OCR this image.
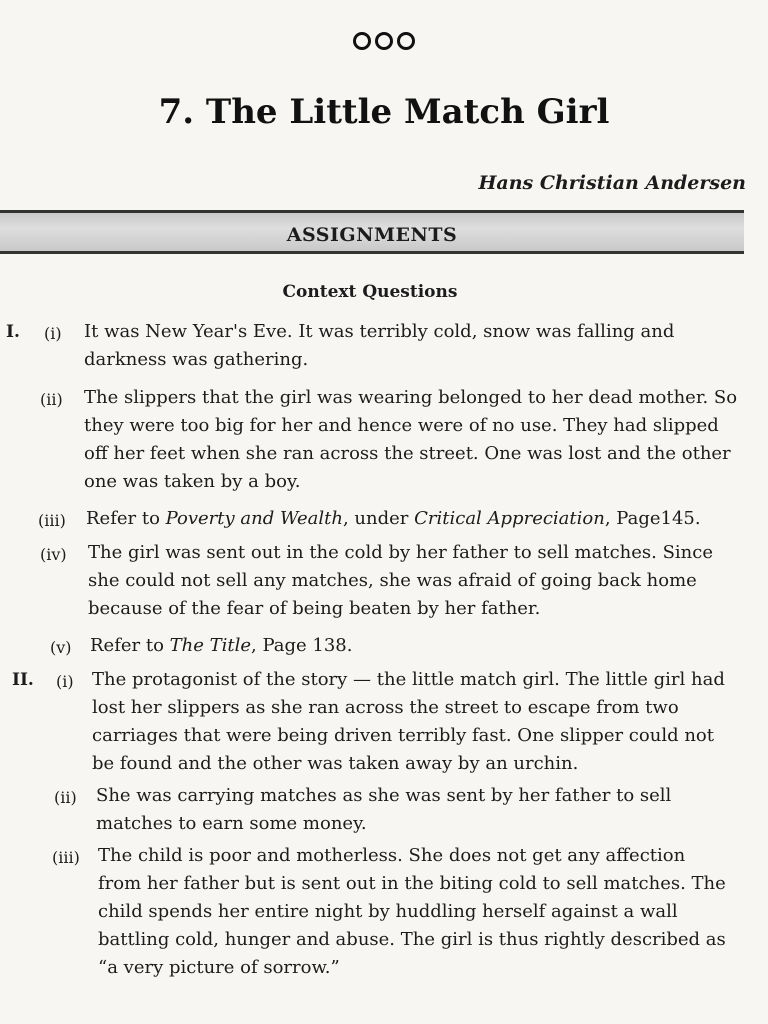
7. The Little Match Girl
Hans Christian Andersen
ASSIGNMENTS
Context Questions
I. (i) It was New Year's Eve. It was terribly cold, snow was falling and darkness was gathering.
(ii) The slippers that the girl was wearing belonged to her dead mother. So they were too big for her and hence were of no use. They had slipped off her feet when she ran across the street. One was lost and the other one was taken by a boy.
(iii) Refer to Poverty and Wealth, under Critical Appreciation, Page145.
(iv) The girl was sent out in the cold by her father to sell matches. Since she could not sell any matches, she was afraid of going back home because of the fear of being beaten by her father.
(v) Refer to The Title, Page 138.
II. (i) The protagonist of the story — the little match girl. The little girl had lost her slippers as she ran across the street to escape from two carriages that were being driven terribly fast. One slipper could not be found and the other was taken away by an urchin.
(ii) She was carrying matches as she was sent by her father to sell matches to earn some money.
(iii) The child is poor and motherless. She does not get any affection from her father but is sent out in the biting cold to sell matches. The child spends her entire night by huddling herself against a wall battling cold, hunger and abuse. The girl is thus rightly described as “a very picture of sorrow.”
